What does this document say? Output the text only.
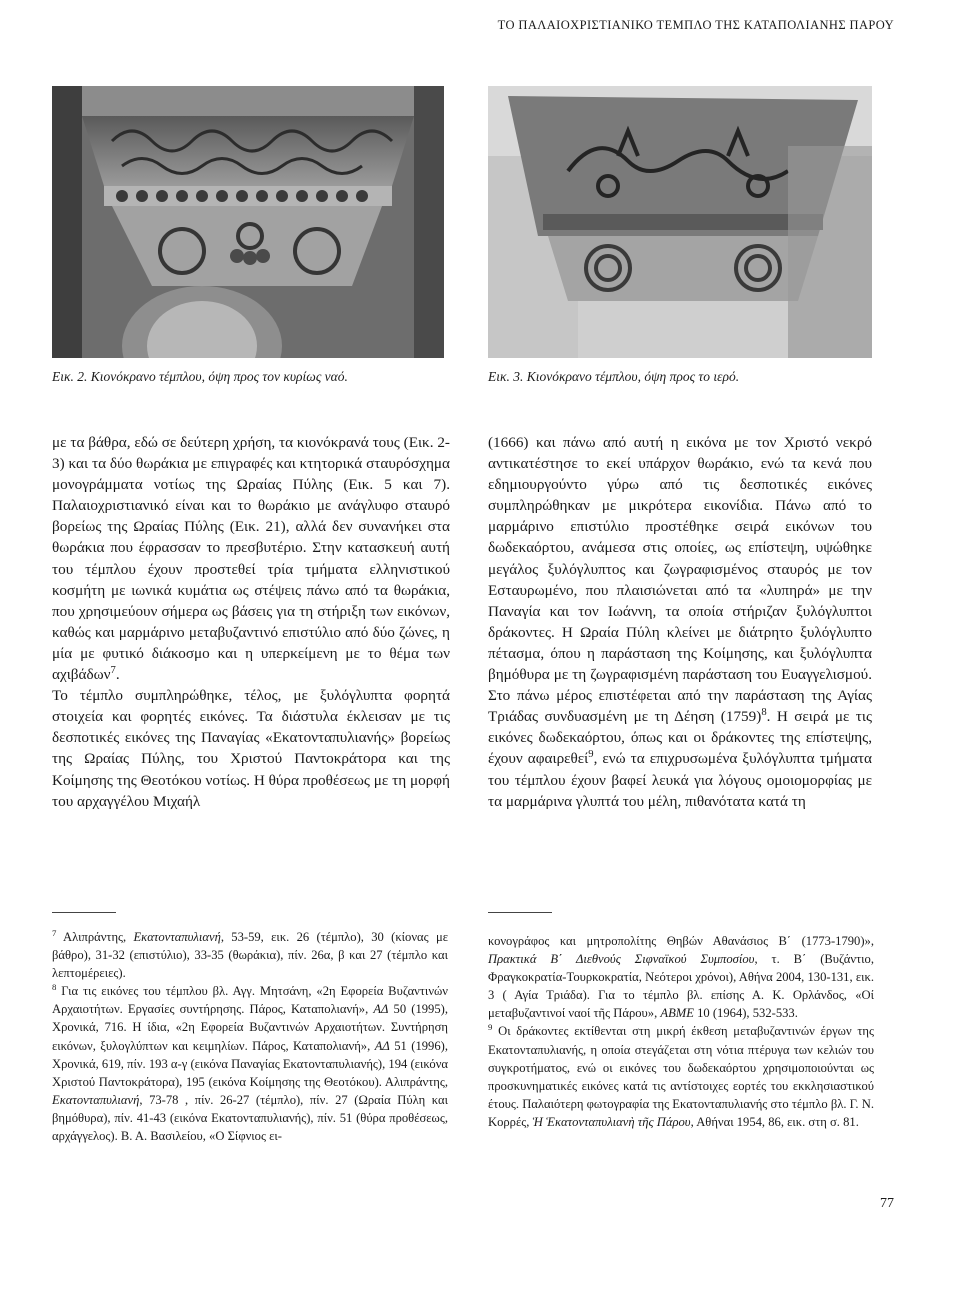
ΤΟ ΠΑΛΑΙΟΧΡΙΣΤΙΑΝΙΚΟ ΤΕΜΠΛΟ ΤΗΣ ΚΑΤΑΠΟΛΙΑΝΗΣ ΠΑΡΟΥ
Εικ. 2. Κιονόκρανο τέμπλου, όψη προς τον κυρίως ναό.	Εικ. 3. Κιονόκρανο τέμπλου, όψη προς το ιερό.

με τα βάθρα, εδώ σε δεύτερη χρήση, τα κιονόκρανά τους (Εικ. 2-3) και τα δύο θωράκια με επιγραφές και κτητορικά σταυρόσχημα μονογράμματα νοτίως της Ωραίας Πύλης (Εικ. 5 και 7). Παλαιοχριστιανικό είναι και το θωράκιο με ανάγλυφο σταυρό βορείως της Ωραίας Πύλης (Εικ. 21), αλλά δεν συνανήκει στα θωράκια που έφρασσαν το πρεσβυτέριο. Στην κατασκευή αυτή του τέμπλου έχουν προστεθεί τρία τμήματα ελληνιστικού κοσμήτη με ιωνικά κυμάτια ως στέψεις πάνω από τα θωράκια, που χρησιμεύουν σήμερα ως βάσεις για τη στήριξη των εικόνων, καθώς και μαρμάρινο μεταβυζαντινό επιστύλιο από δύο ζώνες, η μία με φυτικό διάκοσμο και η υπερκείμενη με το θέμα των αχιβάδων$^7$.

Το τέμπλο συμπληρώθηκε, τέλος, με ξυλόγλυπτα φορητά στοιχεία και φορητές εικόνες. Τα διάστυλα έκλεισαν με τις δεσποτικές εικόνες της Παναγίας «Εκατονταπυλιανής» βορείως της Ωραίας Πύλης, του Χριστού Παντοκράτορα και της Κοίμησης της Θεοτόκου νοτίως. Η θύρα προθέσεως με τη μορφή του αρχαγγέλου Μιχαήλ

(1666) και πάνω από αυτή η εικόνα με τον Χριστό νεκρό αντικατέστησε το εκεί υπάρχον θωράκιο, ενώ τα κενά που εδημιουργούντο γύρω από τις δεσποτικές εικόνες συμπληρώθηκαν με μικρότερα εικονίδια. Πάνω από το μαρμάρινο επιστύλιο προστέθηκε σειρά εικόνων του δωδεκαόρτου, ανάμεσα στις οποίες, ως επίστεψη, υψώθηκε μεγάλος ξυλόγλυπτος και ζωγραφισμένος σταυρός με τον Εσταυρωμένο, που πλαισιώνεται από τα «λυπηρά» με την Παναγία και τον Ιωάννη, τα οποία στήριζαν ξυλόγλυπτοι δράκοντες. Η Ωραία Πύλη κλείνει με διάτρητο ξυλόγλυπτο πέτασμα, όπου η παράσταση της Κοίμησης, και ξυλόγλυπτα βημόθυρα με τη ζωγραφισμένη παράσταση του Ευαγγελισμού. Στο πάνω μέρος επιστέφεται από την παράσταση της Αγίας Τριάδας συνδυασμένη με τη Δέηση $(1759)^8$. Η σειρά με τις εικόνες δωδεκαόρτου, όπως και οι δράκοντες της επίστεψης, έχουν αφαιρεθεί$^9$, ενώ τα επιχρυσωμένα ξυλόγλυπτα τμήματα του τέμπλου έχουν βαφεί λευκά για λόγους ομοιομορφίας με τα μαρμάρινα γλυπτά του μέλη, πιθανότατα κατά τη

$^7$ Αλιπράντης, Εκατονταπυλιανή, 53-59, εικ. 26 (τέμπλο), 30 (κίονας με βάθρο), 31-32 (επιστύλιο), 33-35 (θωράκια), πίν. 26α, β και 27 (τέμπλο και λεπτομέρειες).

$^8$ Για τις εικόνες του τέμπλου βλ. Αγγ. Μητσάνη, «2η Εφορεία Βυζαντινών Αρχαιοτήτων. Εργασίες συντήρησης. Πάρος, Καταπολιανή», ΑΔ 50 (1995), Χρονικά, 716. Η ίδια, «2η Εφορεία Βυζαντινών Αρχαιοτήτων. Συντήρηση εικόνων, ξυλογλύπτων και κειμηλίων. Πάρος, Καταπολιανή», ΑΔ 51 (1996), Χρονικά, 619, πίν. 193 α-γ (εικόνα Παναγίας Εκατονταπυλιανής), 194 (εικόνα Χριστού Παντοκράτορα), 195 (εικόνα Κοίμησης της Θεοτόκου). Αλιπράντης, Εκατονταπυλιανή, 73-78 , πίν. 26-27 (τέμπλο), πίν. 27 (Ωραία Πύλη και βημόθυρα), πίν. 41-43 (εικόνα Εκατονταπυλιανής), πίν. 51 (θύρα προθέσεως, αρχάγγελος). Β. Α. Βασιλείου, «Ο Σίφνιος ει-

κονογράφος και μητροπολίτης Θηβών Αθανάσιος Β΄ (1773-1790)», Πρακτικά Β΄ Διεθνούς Σιφναϊκού Συμποσίου, τ. Β΄ (Βυζάντιο, Φραγκοκρατία-Τουρκοκρατία, Νεότεροι χρόνοι), Αθήνα 2004, 130-131, εικ. 3 ( Αγία Τριάδα). Για το τέμπλο βλ. επίσης Α. Κ. Ορλάνδος, «Οί μεταβυζαντινοί ναοί τῆς Πάρου», ΑΒΜΕ 10 (1964), 532-533.

$^9$ Οι δράκοντες εκτίθενται στη μικρή έκθεση μεταβυζαντινών έργων της Εκατονταπυλιανής, η οποία στεγάζεται στη νότια πτέρυγα των κελιών του συγκροτήματος, ενώ οι εικόνες του δωδεκαόρτου χρησιμοποιούνται ως προσκυνηματικές εικόνες κατά τις αντίστοιχες εορτές του εκκλησιαστικού έτους. Παλαιότερη φωτογραφία της Εκατονταπυλιανής στο τέμπλο βλ. Γ. Ν. Κορρές, Ἡ Ἑκατονταπυλιανὴ τῆς Πάρου, Αθήναι 1954, 86, εικ. στη σ. 81.

77
